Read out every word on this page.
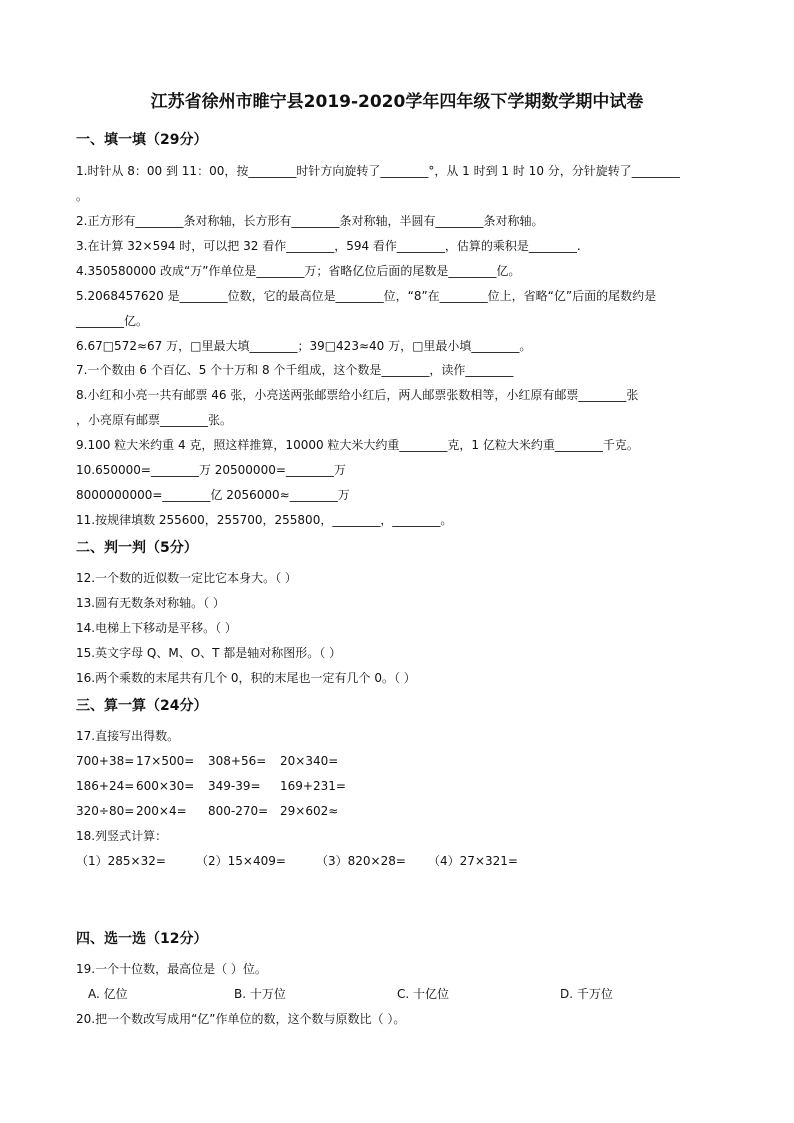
江苏省徐州市睢宁县2019-2020学年四年级下学期数学期中试卷
一、填一填（29分）
1.时针从 8：00 到 11：00，按________时针方向旋转了________°，从 1 时到 1 时 10 分，分针旋转了________
。
2.正方形有________条对称轴，长方形有________条对称轴，半圆有________条对称轴。
3.在计算 32×594 时，可以把 32 看作________，594 看作________，估算的乘积是________.
4.350580000 改成“万”作单位是________万；省略亿位后面的尾数是________亿。
5.2068457620 是________位数，它的最高位是________位，“8”在________位上，省略“亿”后面的尾数约是
________亿。
6.67□572≈67 万，□里最大填________；39□423≈40 万，□里最小填________。
7.一个数由 6 个百亿、5 个十万和 8 个千组成，这个数是________，读作________
8.小红和小亮一共有邮票 46 张，小亮送两张邮票给小红后，两人邮票张数相等，小红原有邮票________张
，小亮原有邮票________张。
9.100 粒大米约重 4 克，照这样推算，10000 粒大米大约重________克，1 亿粒大米约重________千克。
10.650000=________万 20500000=________万
8000000000=________亿 2056000≈________万
11.按规律填数 255600，255700，255800，________，________。
二、判一判（5分）
12.一个数的近似数一定比它本身大。（ ）
13.圆有无数条对称轴。（ ）
14.电梯上下移动是平移。（ ）
15.英文字母 Q、M、O、T 都是轴对称图形。（ ）
16.两个乘数的末尾共有几个 0，积的末尾也一定有几个 0。（ ）
三、算一算（24分）
17.直接写出得数。
700+38= 17×500= 308+56= 20×340=
186+24= 600×30= 349-39= 169+231=
320÷80= 200×4= 800-270= 29×602≈
18.列竖式计算：
（1）285×32=	（2）15×409=	（3）820×28= （4）27×321=
四、选一选（12分）
19.一个十位数，最高位是（ ）位。
A. 亿位	B. 十万位	C. 十亿位	D. 千万位
20.把一个数改写成用“亿”作单位的数，这个数与原数比（ ）。
